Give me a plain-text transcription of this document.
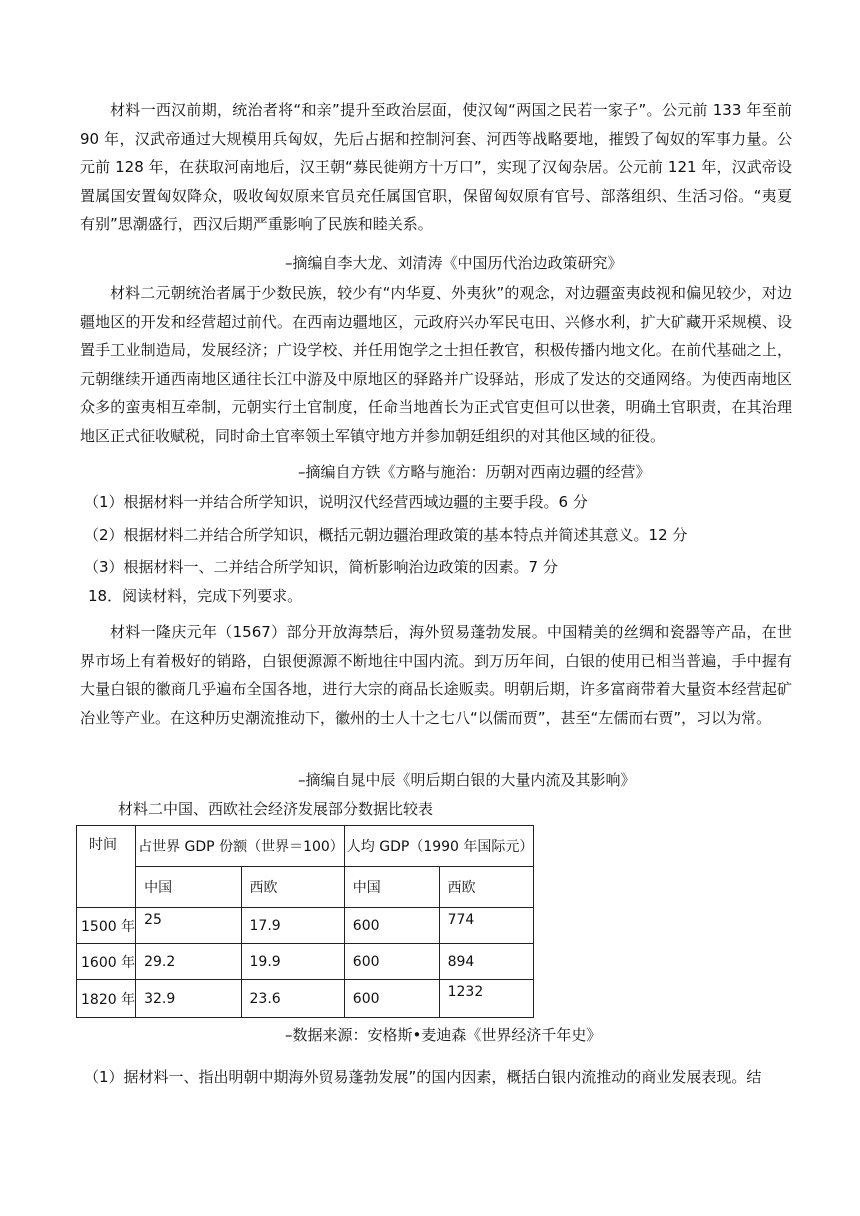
材料一西汉前期，统治者将“和亲”提升至政治层面，使汉匈“两国之民若一家子”。公元前 133 年至前 90 年，汉武帝通过大规模用兵匈奴，先后占据和控制河套、河西等战略要地，摧毁了匈奴的军事力量。公元前 128 年，在获取河南地后，汉王朝“募民徙朔方十万口”，实现了汉匈杂居。公元前 121 年，汉武帝设置属国安置匈奴降众，吸收匈奴原来官员充任属国官职，保留匈奴原有官号、部落组织、生活习俗。“夷夏有别”思潮盛行，西汉后期严重影响了民族和睦关系。

–摘编自李大龙、刘清涛《中国历代治边政策研究》

材料二元朝统治者属于少数民族，较少有“内华夏、外夷狄”的观念，对边疆蛮夷歧视和偏见较少，对边疆地区的开发和经营超过前代。在西南边疆地区，元政府兴办军民屯田、兴修水利，扩大矿藏开采规模、设置手工业制造局，发展经济；广设学校、并任用饱学之士担任教官，积极传播内地文化。在前代基础之上，元朝继续开通西南地区通往长江中游及中原地区的驿路并广设驿站，形成了发达的交通网络。为使西南地区众多的蛮夷相互牵制，元朝实行土官制度，任命当地酋长为正式官吏但可以世袭，明确土官职责，在其治理地区正式征收赋税，同时命土官率领土军镇守地方并参加朝廷组织的对其他区域的征役。

–摘编自方铁《方略与施治：历朝对西南边疆的经营》

（1）根据材料一并结合所学知识，说明汉代经营西域边疆的主要手段。6 分

（2）根据材料二并结合所学知识，概括元朝边疆治理政策的基本特点并简述其意义。12 分

（3）根据材料一、二并结合所学知识，简析影响治边政策的因素。7 分

18．阅读材料，完成下列要求。

材料一隆庆元年（1567）部分开放海禁后，海外贸易蓬勃发展。中国精美的丝绸和瓷器等产品，在世界市场上有着极好的销路，白银便源源不断地往中国内流。到万历年间，白银的使用已相当普遍，手中握有大量白银的徽商几乎遍布全国各地，进行大宗的商品长途贩卖。明朝后期，许多富商带着大量资本经营起矿冶业等产业。在这种历史潮流推动下，徽州的士人十之七八“以儒而贾”，甚至“左儒而右贾”，习以为常。

–摘编自晁中辰《明后期白银的大量内流及其影响》

材料二中国、西欧社会经济发展部分数据比较表

时间	占世界 GDP 份额（世界＝100）		人均 GDP（1990 年国际元）	
	中国	西欧	中国	西欧
1500 年	25	17.9	600	774
1600 年	29.2	19.9	600	894
1820 年	32.9	23.6	600	1232

–数据来源：安格斯•麦迪森《世界经济千年史》

（1）据材料一、指出明朝中期海外贸易蓬勃发展”的国内因素，概括白银内流推动的商业发展表现。结
